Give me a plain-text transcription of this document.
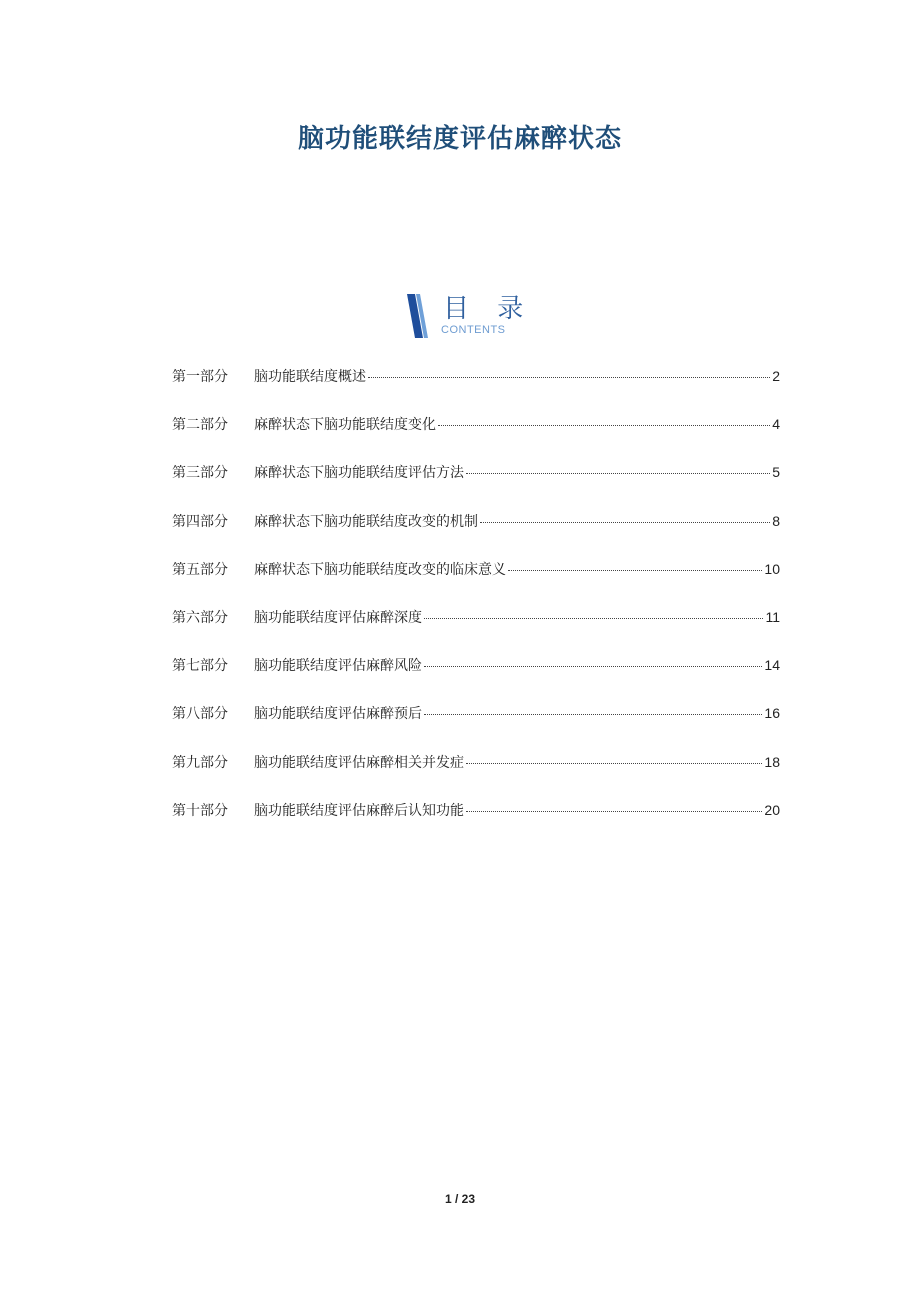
脑功能联结度评估麻醉状态
目 录
CONTENTS
第一部分	脑功能联结度概述	2
第二部分	麻醉状态下脑功能联结度变化	4
第三部分	麻醉状态下脑功能联结度评估方法	5
第四部分	麻醉状态下脑功能联结度改变的机制	8
第五部分	麻醉状态下脑功能联结度改变的临床意义	10
第六部分	脑功能联结度评估麻醉深度	11
第七部分	脑功能联结度评估麻醉风险	14
第八部分	脑功能联结度评估麻醉预后	16
第九部分	脑功能联结度评估麻醉相关并发症	18
第十部分	脑功能联结度评估麻醉后认知功能	20
1 / 23
